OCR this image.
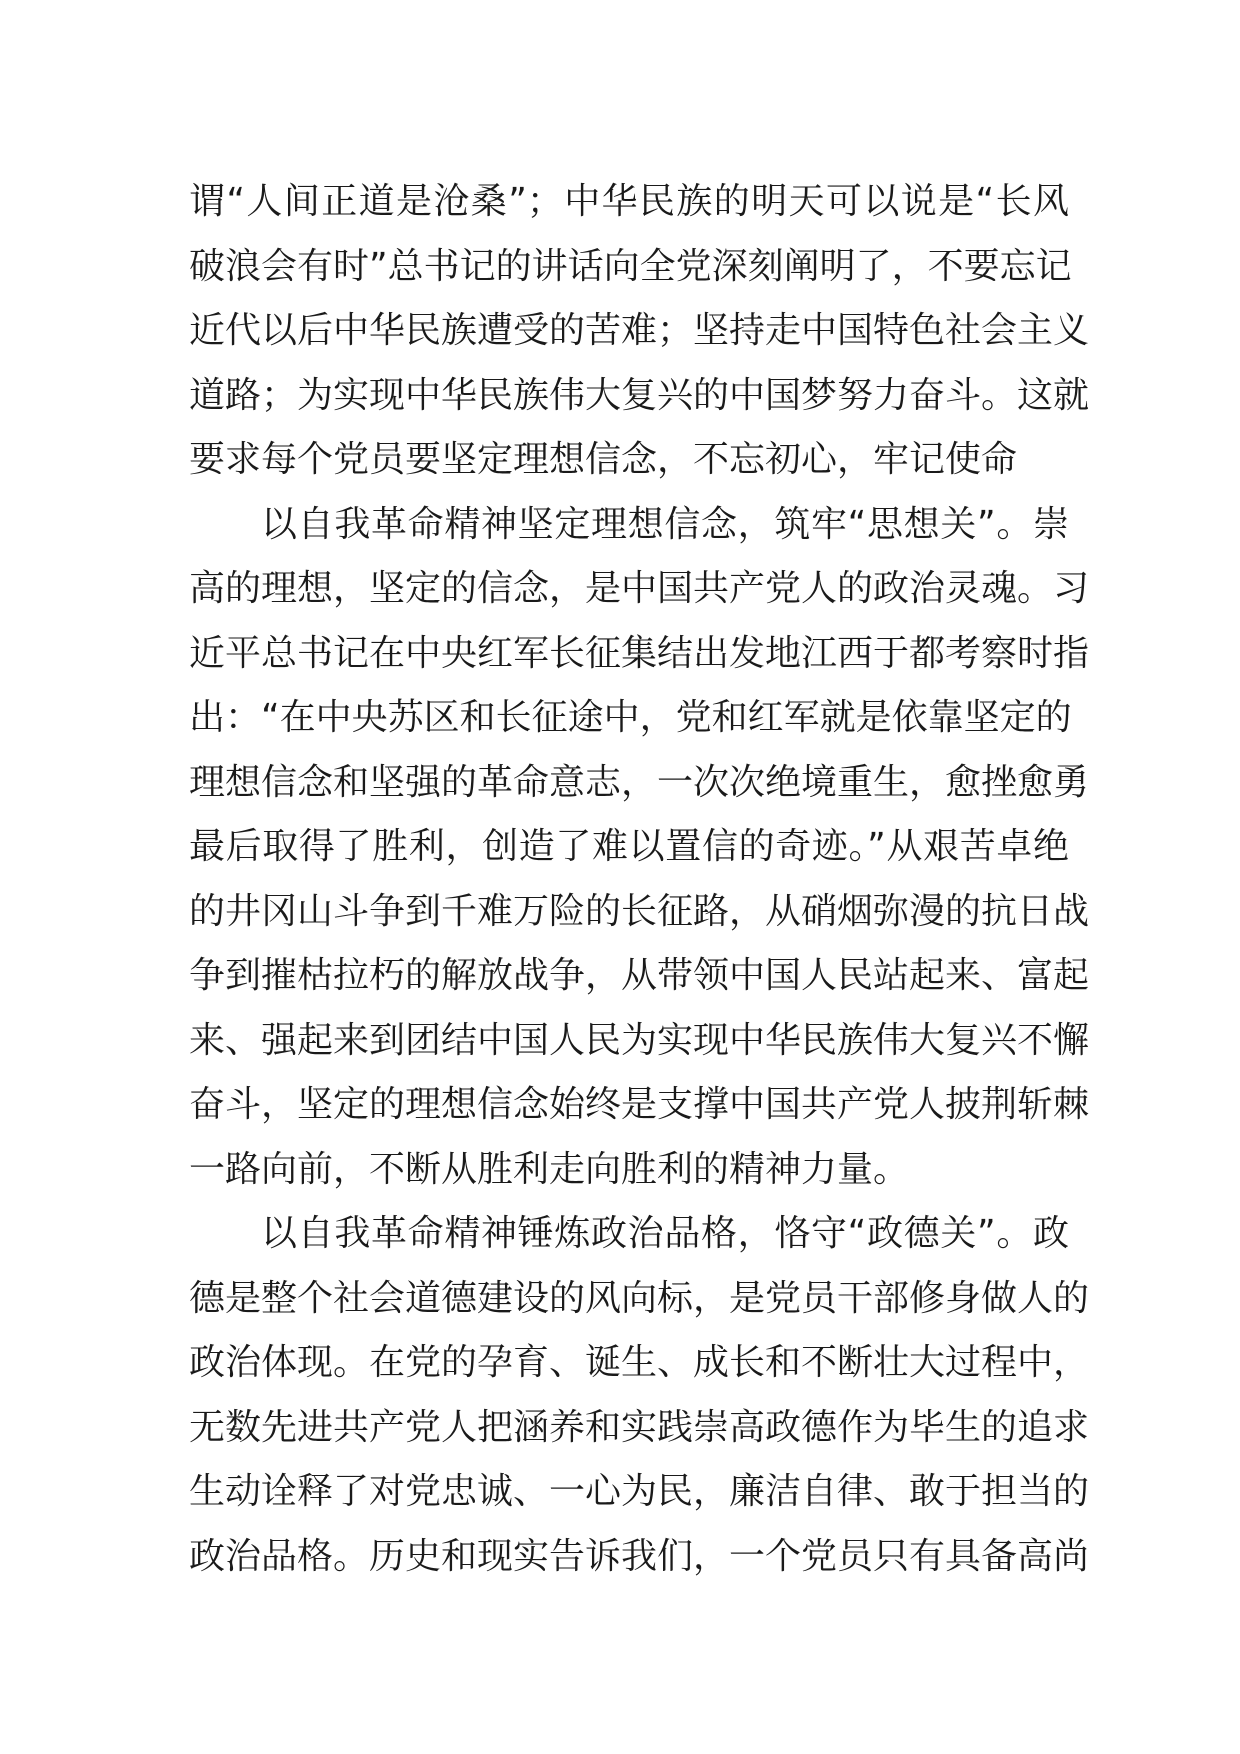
谓“人间正道是沧桑”；中华民族的明天可以说是“长风
破浪会有时”总书记的讲话向全党深刻阐明了，不要忘记
近代以后中华民族遭受的苦难；坚持走中国特色社会主义
道路；为实现中华民族伟大复兴的中国梦努力奋斗。这就
要求每个党员要坚定理想信念，不忘初心，牢记使命
以自我革命精神坚定理想信念，筑牢“思想关”。崇
高的理想，坚定的信念，是中国共产党人的政治灵魂。习
近平总书记在中央红军长征集结出发地江西于都考察时指
出：“在中央苏区和长征途中，党和红军就是依靠坚定的
理想信念和坚强的革命意志，一次次绝境重生，愈挫愈勇
最后取得了胜利，创造了难以置信的奇迹。”从艰苦卓绝
的井冈山斗争到千难万险的长征路，从硝烟弥漫的抗日战
争到摧枯拉朽的解放战争，从带领中国人民站起来、富起
来、强起来到团结中国人民为实现中华民族伟大复兴不懈
奋斗，坚定的理想信念始终是支撑中国共产党人披荆斩棘
一路向前，不断从胜利走向胜利的精神力量。
以自我革命精神锤炼政治品格，恪守“政德关”。政
德是整个社会道德建设的风向标，是党员干部修身做人的
政治体现。在党的孕育、诞生、成长和不断壮大过程中，
无数先进共产党人把涵养和实践崇高政德作为毕生的追求
生动诠释了对党忠诚、一心为民，廉洁自律、敢于担当的
政治品格。历史和现实告诉我们，一个党员只有具备高尚
